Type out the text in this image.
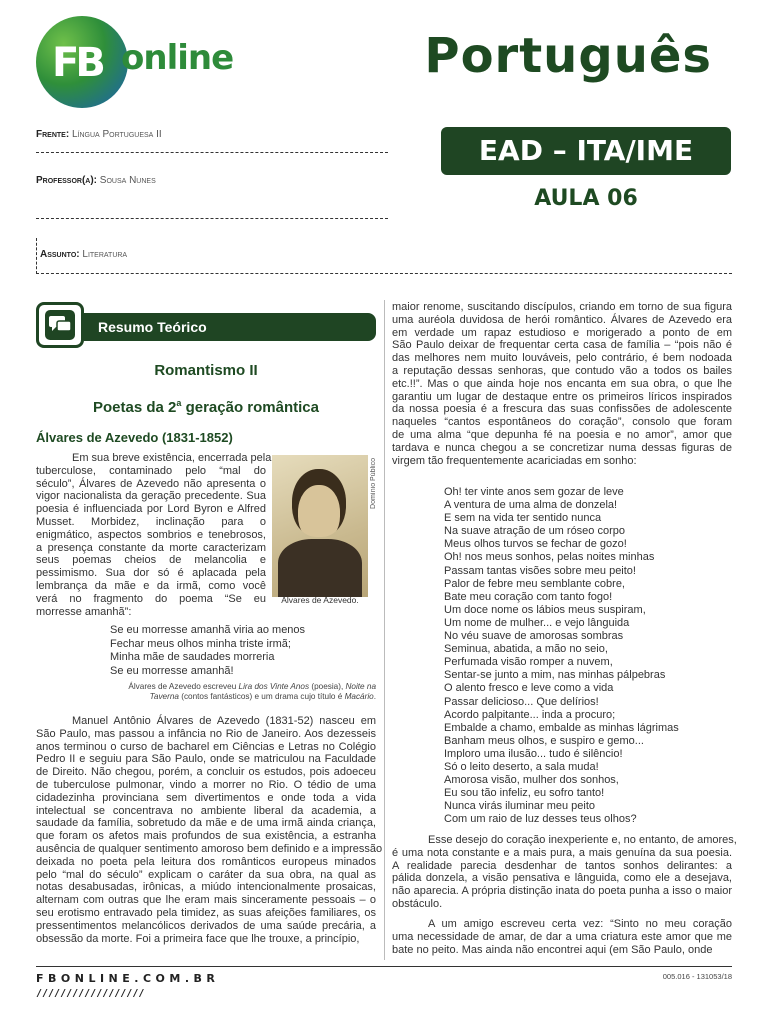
FB online	Português
Frente: Língua Portuguesa II
Professor(a): Sousa Nunes
Assunto: Literatura
EAD – ITA/IME
AULA 06
Resumo Teórico
Romantismo II
Poetas da 2$^a$ geração romântica
Álvares de Azevedo (1831-1852)
Em sua breve existência, encerrada pela
tuberculose, contaminado pelo “mal do
século”, Álvares de Azevedo não apresenta o
vigor nacionalista da geração precedente. Sua
poesia é influenciada por Lord Byron e Alfred
Musset. Morbidez, inclinação para o
enigmático, aspectos sombrios e tenebrosos,
a presença constante da morte caracterizam
seus poemas cheios de melancolia e
pessimismo. Sua dor só é aplacada pela
lembrança da mãe e da irmã, como você
verá no fragmento do poema “Se eu
morresse amanhã”:
Domínio Público
Álvares de Azevedo.
Se eu morresse amanhã viria ao menos
Fechar meus olhos minha triste irmã;
Minha mãe de saudades morreria
Se eu morresse amanhã!
Álvares de Azevedo escreveu Lira dos Vinte Anos (poesia), Noite na
Taverna (contos fantásticos) e um drama cujo título é Macário.
Manuel Antônio Álvares de Azevedo (1831-52) nasceu em
São Paulo, mas passou a infância no Rio de Janeiro. Aos dezesseis
anos terminou o curso de bacharel em Ciências e Letras no Colégio
Pedro II e seguiu para São Paulo, onde se matriculou na Faculdade
de Direito. Não chegou, porém, a concluir os estudos, pois adoeceu
de tuberculose pulmonar, vindo a morrer no Rio. O tédio de uma
cidadezinha provinciana sem divertimentos e onde toda a vida
intelectual se concentrava no ambiente liberal da academia, a
saudade da família, sobretudo da mãe e de uma irmã ainda criança,
que foram os afetos mais profundos de sua existência, a estranha
ausência de qualquer sentimento amoroso bem definido e a impressão
deixada no poeta pela leitura dos românticos europeus minados
pelo “mal do século” explicam o caráter da sua obra, na qual as
notas desabusadas, irônicas, a miúdo intencionalmente prosaicas,
alternam com outras que lhe eram mais sinceramente pessoais – o
seu erotismo entravado pela timidez, as suas afeições familiares, os
pressentimentos melancólicos derivados de uma saúde precária, a
obsessão da morte. Foi a primeira face que lhe trouxe, a princípio,
maior renome, suscitando discípulos, criando em torno de sua figura
uma auréola duvidosa de herói romântico. Álvares de Azevedo era
em verdade um rapaz estudioso e morigerado a ponto de em
São Paulo deixar de frequentar certa casa de família – “pois não é
das melhores nem muito louváveis, pelo contrário, é bem nodoada
a reputação dessas senhoras, que contudo vão a todos os bailes
etc.!!”. Mas o que ainda hoje nos encanta em sua obra, o que lhe
garantiu um lugar de destaque entre os primeiros líricos inspirados
da nossa poesia é a frescura das suas confissões de adolescente
naqueles “cantos espontâneos do coração”, consolo que foram
de uma alma “que depunha fé na poesia e no amor”, amor que
tardava e nunca chegou a se concretizar numa dessas figuras de
virgem tão frequentemente acariciadas em sonho:
Oh! ter vinte anos sem gozar de leve
A ventura de uma alma de donzela!
E sem na vida ter sentido nunca
Na suave atração de um róseo corpo
Meus olhos turvos se fechar de gozo!
Oh! nos meus sonhos, pelas noites minhas
Passam tantas visões sobre meu peito!
Palor de febre meu semblante cobre,
Bate meu coração com tanto fogo!
Um doce nome os lábios meus suspiram,
Um nome de mulher... e vejo lânguida
No véu suave de amorosas sombras
Seminua, abatida, a mão no seio,
Perfumada visão romper a nuvem,
Sentar-se junto a mim, nas minhas pálpebras
O alento fresco e leve como a vida
Passar delicioso... Que delírios!
Acordo palpitante... inda a procuro;
Embalde a chamo, embalde as minhas lágrimas
Banham meus olhos, e suspiro e gemo...
Imploro uma ilusão... tudo é silêncio!
Só o leito deserto, a sala muda!
Amorosa visão, mulher dos sonhos,
Eu sou tão infeliz, eu sofro tanto!
Nunca virás iluminar meu peito
Com um raio de luz desses teus olhos?
Esse desejo do coração inexperiente e, no entanto, de amores,
é uma nota constante e a mais pura, a mais genuína da sua poesia.
A realidade parecia desdenhar de tantos sonhos delirantes: a
pálida donzela, a visão pensativa e lânguida, como ele a desejava,
não aparecia. A própria distinção inata do poeta punha a isso o maior
obstáculo.
A um amigo escreveu certa vez: “Sinto no meu coração
uma necessidade de amar, de dar a uma criatura este amor que me
bate no peito. Mas ainda não encontrei aqui (em São Paulo, onde
FBONLINE.COM.BR
//////////////////
005.016 - 131053/18
